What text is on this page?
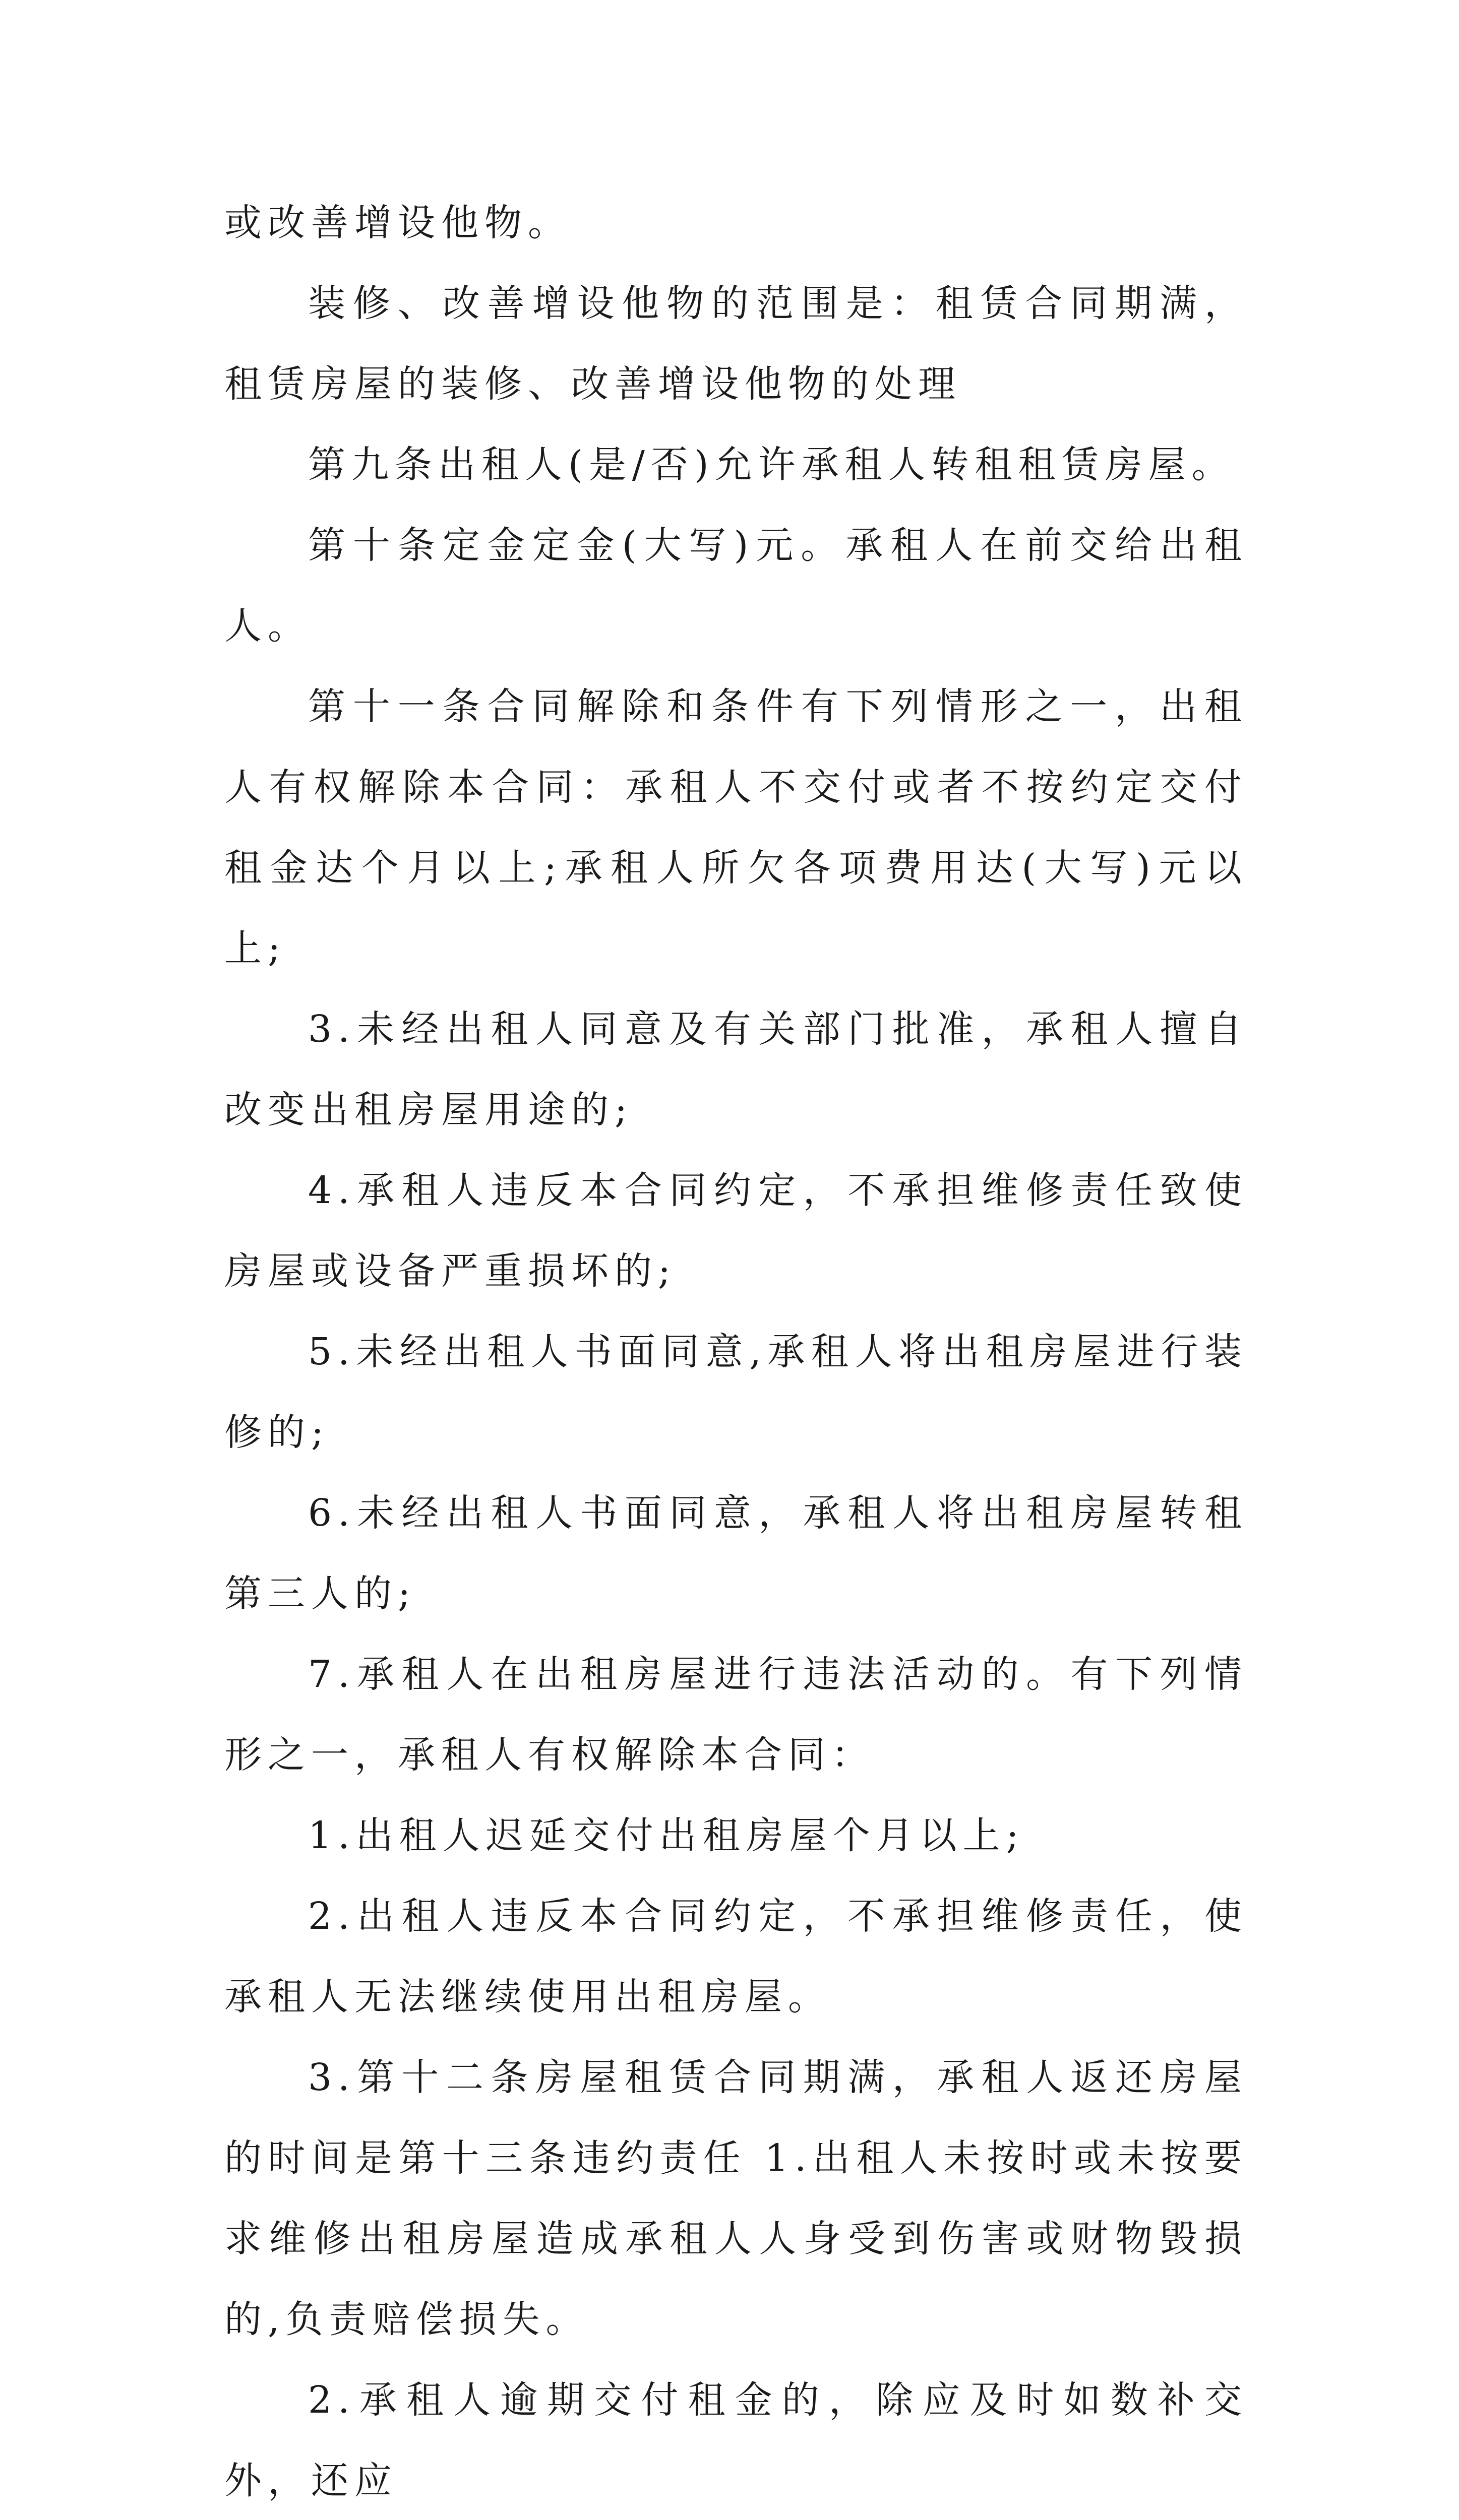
或改善增设他物。

装修、改善增设他物的范围是：租赁合同期满，租赁房屋的装修、改善增设他物的处理

第九条出租人(是/否)允许承租人转租租赁房屋。

第十条定金定金(大写)元。承租人在前交给出租人。

第十一条合同解除和条件有下列情形之一，出租人有权解除本合同：承租人不交付或者不按约定交付租金达个月以上;承租人所欠各项费用达(大写)元以上;

3.未经出租人同意及有关部门批准，承租人擅自改变出租房屋用途的;

4.承租人违反本合同约定，不承担维修责任致使房屋或设备严重损坏的;

5.未经出租人书面同意,承租人将出租房屋进行装修的;

6.未经出租人书面同意，承租人将出租房屋转租第三人的;

7.承租人在出租房屋进行违法活动的。有下列情形之一，承租人有权解除本合同：

1.出租人迟延交付出租房屋个月以上;

2.出租人违反本合同约定，不承担维修责任，使承租人无法继续使用出租房屋。

3.第十二条房屋租赁合同期满，承租人返还房屋的时间是第十三条违约责任 1.出租人未按时或未按要求维修出租房屋造成承租人人身受到伤害或财物毁损的,负责赔偿损失。

2.承租人逾期交付租金的，除应及时如数补交外，还应
